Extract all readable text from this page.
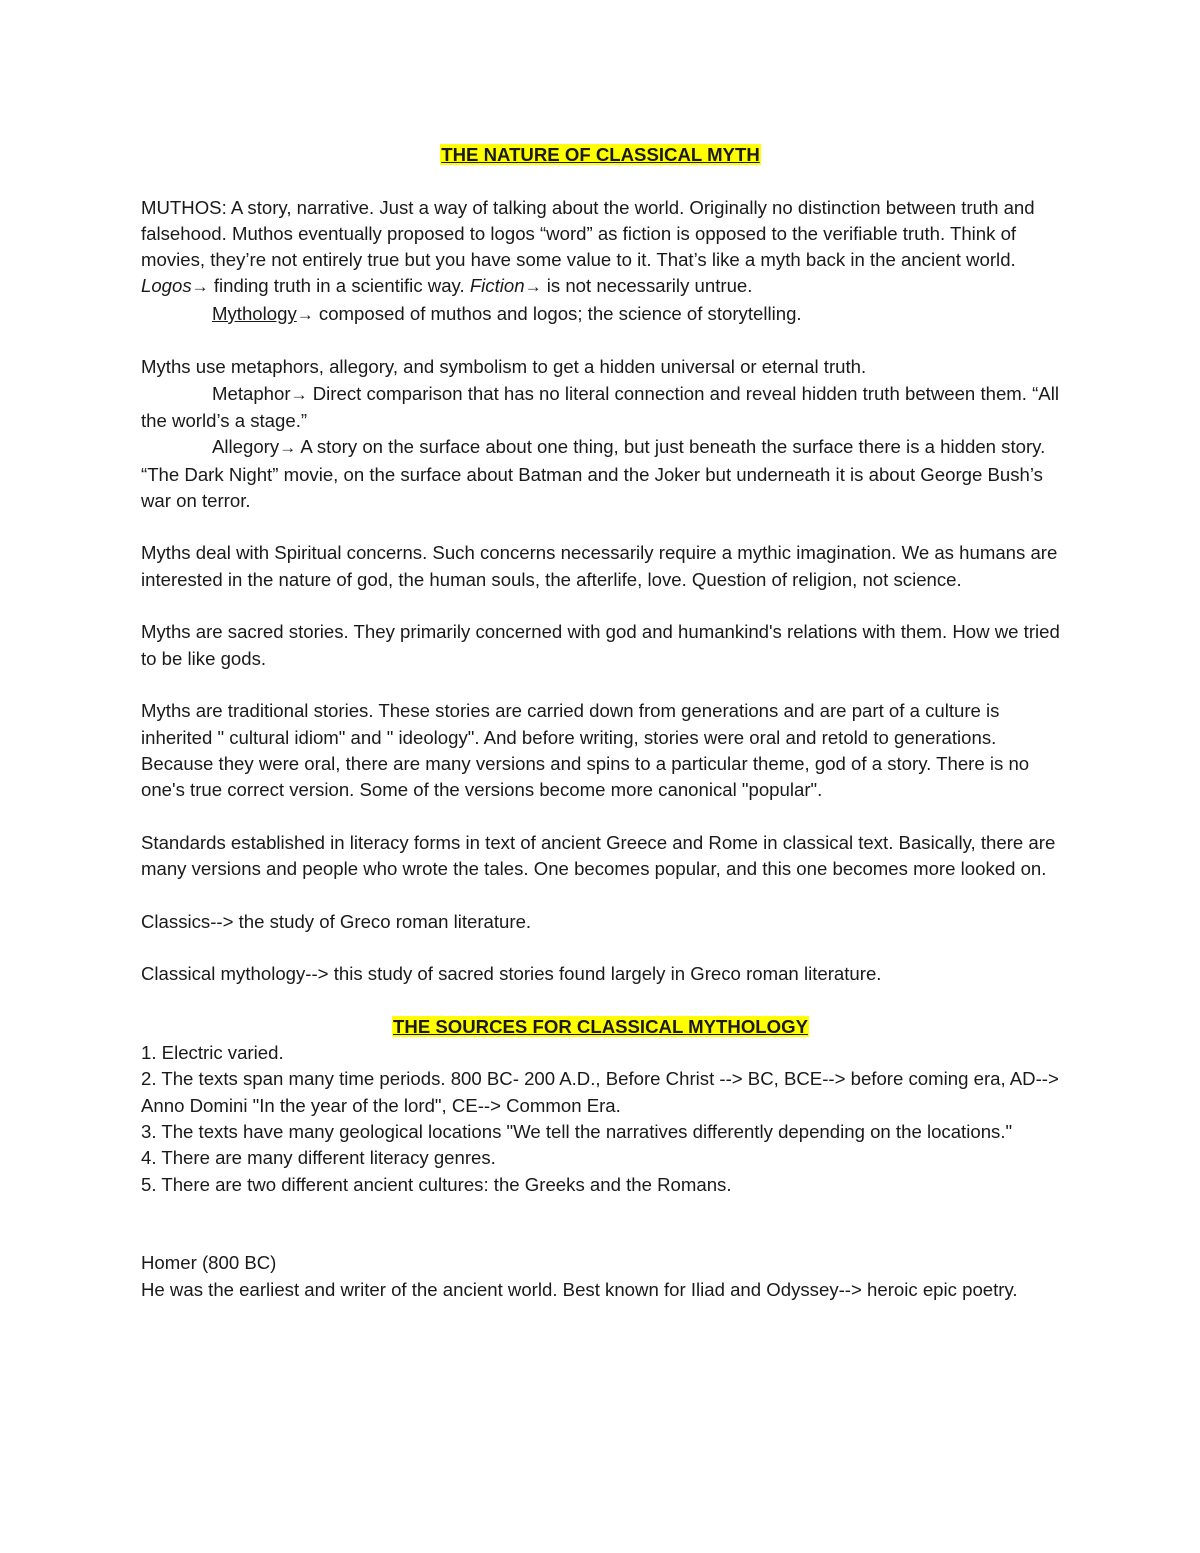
THE NATURE OF CLASSICAL MYTH

MUTHOS: A story, narrative. Just a way of talking about the world. Originally no distinction between truth and falsehood. Muthos eventually proposed to logos “word” as fiction is opposed to the verifiable truth. Think of movies, they’re not entirely true but you have some value to it. That’s like a myth back in the ancient world. Logos→ finding truth in a scientific way. Fiction→ is not necessarily untrue.

Mythology→ composed of muthos and logos; the science of storytelling.

Myths use metaphors, allegory, and symbolism to get a hidden universal or eternal truth.

Metaphor→ Direct comparison that has no literal connection and reveal hidden truth between them. “All the world’s a stage.”

Allegory→ A story on the surface about one thing, but just beneath the surface there is a hidden story. “The Dark Night” movie, on the surface about Batman and the Joker but underneath it is about George Bush’s war on terror.

Myths deal with Spiritual concerns. Such concerns necessarily require a mythic imagination. We as humans are interested in the nature of god, the human souls, the afterlife, love. Question of religion, not science.

Myths are sacred stories. They primarily concerned with god and humankind's relations with them. How we tried to be like gods.

Myths are traditional stories. These stories are carried down from generations and are part of a culture is inherited " cultural idiom" and " ideology". And before writing, stories were oral and retold to generations. Because they were oral, there are many versions and spins to a particular theme, god of a story. There is no one's true correct version. Some of the versions become more canonical "popular".

Standards established in literacy forms in text of ancient Greece and Rome in classical text. Basically, there are many versions and people who wrote the tales. One becomes popular, and this one becomes more looked on.

Classics--> the study of Greco roman literature.

Classical mythology--> this study of sacred stories found largely in Greco roman literature.

THE SOURCES FOR CLASSICAL MYTHOLOGY

1. Electric varied.

2. The texts span many time periods. 800 BC- 200 A.D., Before Christ --> BC, BCE--> before coming era, AD--> Anno Domini "In the year of the lord", CE--> Common Era.

3. The texts have many geological locations "We tell the narratives differently depending on the locations."

4. There are many different literacy genres.

5. There are two different ancient cultures: the Greeks and the Romans.

Homer (800 BC)

He was the earliest and writer of the ancient world. Best known for Iliad and Odyssey--> heroic epic poetry.
